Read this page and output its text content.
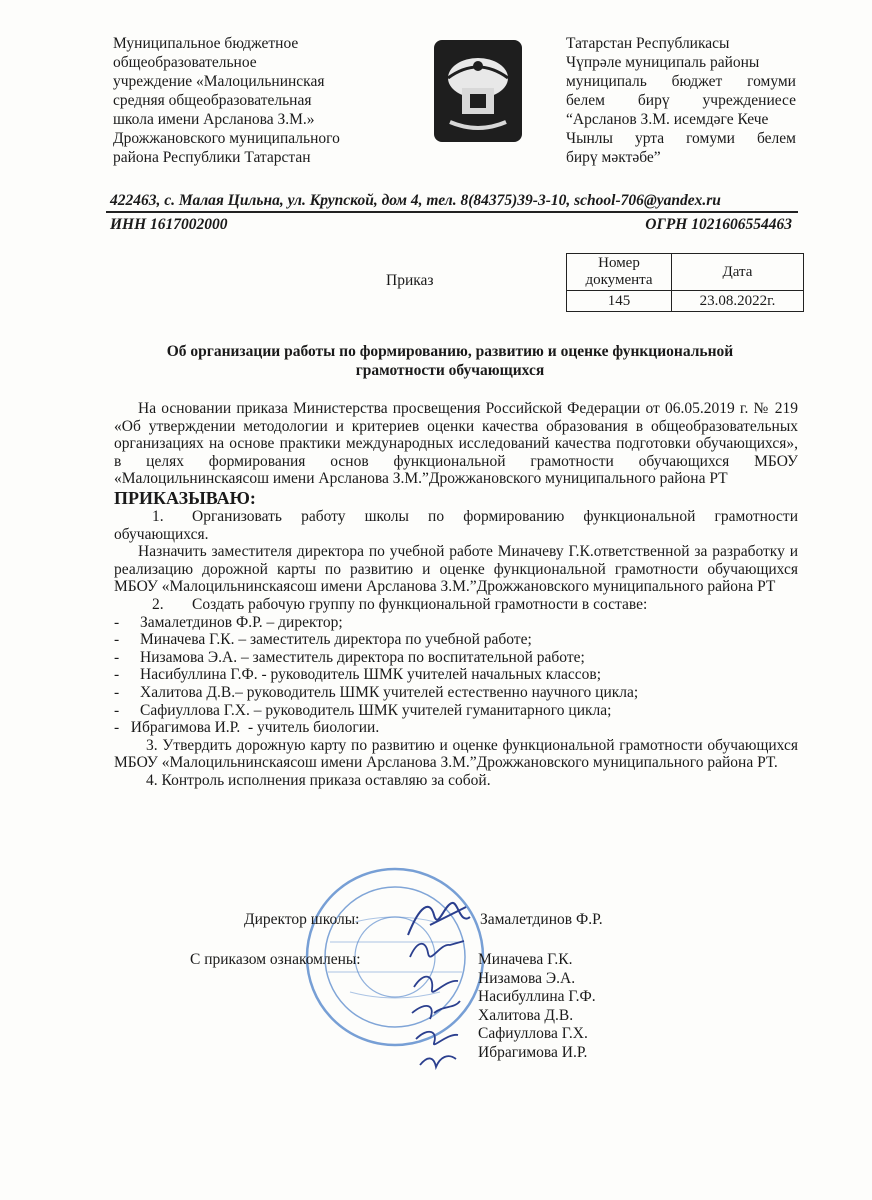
Муниципальное бюджетное
общеобразовательное
учреждение «Малоцильнинская
средняя общеобразовательная
школа имени Арсланова З.М.»
Дрожжановского муниципального
района Республики Татарстан
Татарстан Республикасы
Чүпрәле муниципаль районы
муниципаль бюджет гомуми
белем бирү учреждениесе
“Арсланов З.М. исемдәге Кече
Чынлы урта гомуми белем
бирү мәктәбе”
422463, с. Малая Цильна, ул. Крупской, дом 4, тел. 8(84375)39-3-10, school-706@yandex.ru
ИНН 1617002000	ОГРН 1021606554463
Приказ
Номер документа	Дата
145	23.08.2022г.
Об организации работы по формированию, развитию и оценке функциональной
грамотности обучающихся
На основании приказа Министерства просвещения Российской Федерации от 06.05.2019 г. № 219 «Об утверждении методологии и критериев оценки качества образования в общеобразовательных организациях на основе практики международных исследований качества подготовки обучающихся», в целях формирования основ функциональной грамотности обучающихся МБОУ «Малоцильнинскаясош имени Арсланова З.М.”Дрожжановского муниципального района РТ
ПРИКАЗЫВАЮ:
1. Организовать работу школы по формированию функциональной грамотности обучающихся.
Назначить заместителя директора по учебной работе Миначеву Г.К.ответственной за разработку и реализацию дорожной карты по развитию и оценке функциональной грамотности обучающихся МБОУ «Малоцильнинскаясош имени Арсланова З.М.”Дрожжановского муниципального района РТ
2. Создать рабочую группу по функциональной грамотности в составе:
-	Замалетдинов Ф.Р. – директор;
-	Миначева Г.К. – заместитель директора по учебной работе;
-	Низамова Э.А. – заместитель директора по воспитательной работе;
-	Насибуллина Г.Ф. - руководитель ШМК учителей начальных классов;
-	Халитова Д.В.– руководитель ШМК учителей естественно научного цикла;
-	Сафиуллова Г.Х. – руководитель ШМК учителей гуманитарного цикла;
-   Ибрагимова И.Р.  - учитель биологии.
3. Утвердить дорожную карту по развитию и оценке функциональной грамотности обучающихся МБОУ «Малоцильнинскаясош имени Арсланова З.М.”Дрожжановского муниципального района РТ.
4. Контроль исполнения приказа оставляю за собой.
Директор школы:	Замалетдинов Ф.Р.
С приказом ознакомлены:	Миначева Г.К.
Низамова Э.А.
Насибуллина Г.Ф.
Халитова Д.В.
Сафиуллова Г.Х.
Ибрагимова И.Р.
